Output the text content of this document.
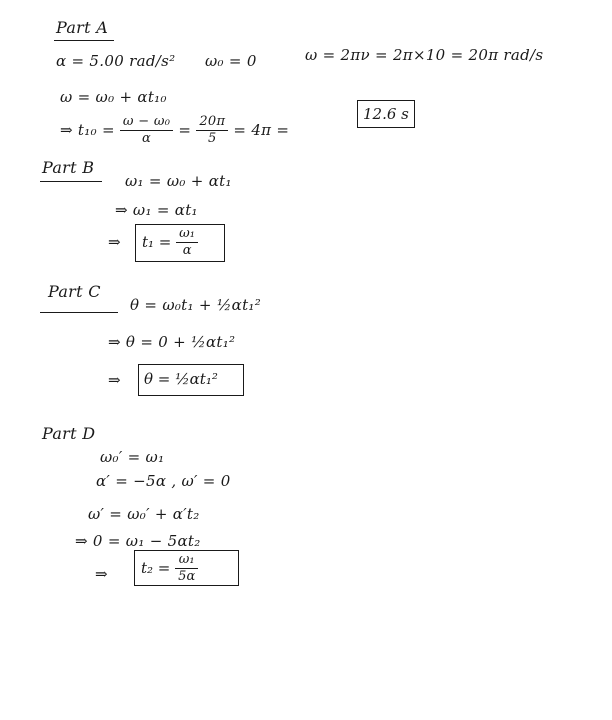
Part A
α = 5.00 rad/s² ω₀ = 0	ω = 2πν = 2π×10 = 20π rad/s
ω = ω₀ + αt₁₀
⇒ $t_{10} = \frac{\text{ω − ω₀}}{\alpha} = \frac{20\pi}{5} = 4\pi$ =
12.6 s
Part B
ω₁ = ω₀ + αt₁
⇒ ω₁ = αt₁
⇒ $t_1 = \frac{\text{ω₁}}{\alpha}$
Part C
θ = ω₀t₁ + ½αt₁²
⇒ θ = 0 + ½αt₁²
⇒ θ = ½αt₁²
Part D
ω₀′ = ω₁
α′ = −5α , ω′ = 0
ω′ = ω₀′ + α′t₂
⇒ 0 = ω₁ − 5αt₂
⇒ $t_2 = \frac{\text{ω₁}}{5\alpha}$
